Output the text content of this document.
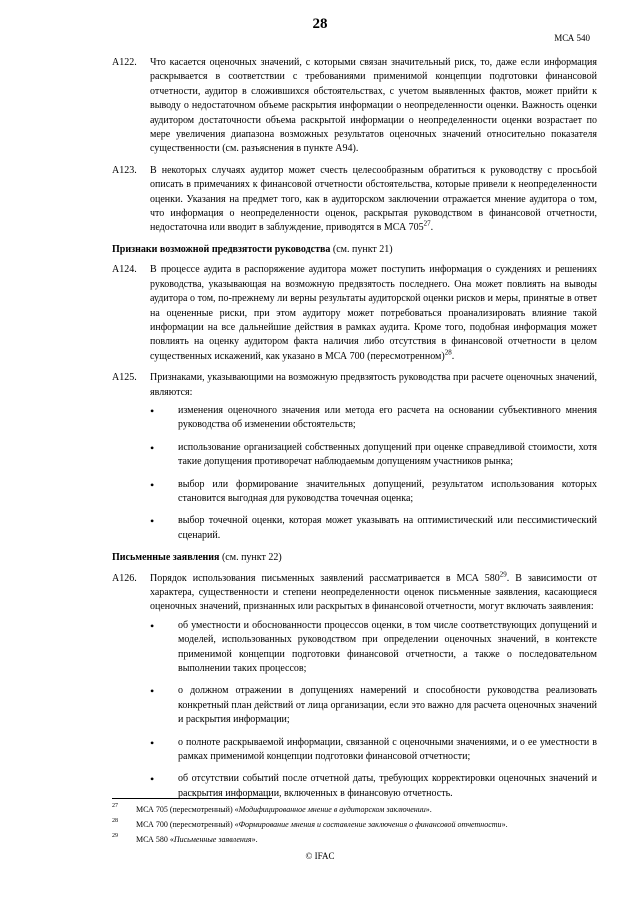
28
МСА 540
A122. Что касается оценочных значений, с которыми связан значительный риск, то, даже если информация раскрывается в соответствии с требованиями применимой концепции подготовки финансовой отчетности, аудитор в сложившихся обстоятельствах, с учетом выявленных фактов, может прийти к выводу о недостаточном объеме раскрытия информации о неопределенности оценки. Важность оценки аудитором достаточности объема раскрытой информации о неопределенности оценки возрастает по мере увеличения диапазона возможных результатов оценочных значений относительно показателя существенности (см. разъяснения в пункте A94).
A123. В некоторых случаях аудитор может счесть целесообразным обратиться к руководству с просьбой описать в примечаниях к финансовой отчетности обстоятельства, которые привели к неопределенности оценки. Указания на предмет того, как в аудиторском заключении отражается мнение аудитора о том, что информация о неопределенности оценок, раскрытая руководством в финансовой отчетности, недостаточна или вводит в заблуждение, приводятся в МСА $705^{27}$.
Признаки возможной предвзятости руководства (см. пункт 21)
A124. В процессе аудита в распоряжение аудитора может поступить информация о суждениях и решениях руководства, указывающая на возможную предвзятость последнего. Она может повлиять на выводы аудитора о том, по-прежнему ли верны результаты аудиторской оценки рисков и меры, принятые в ответ на оцененные риски, при этом аудитору может потребоваться проанализировать влияние такой информации на все дальнейшие действия в рамках аудита. Кроме того, подобная информация может повлиять на оценку аудитором факта наличия либо отсутствия в финансовой отчетности в целом существенных искажений, как указано в МСА 700 (пересмотренном)$^{28}$.
A125. Признаками, указывающими на возможную предвзятость руководства при расчете оценочных значений, являются:
• изменения оценочного значения или метода его расчета на основании субъективного мнения руководства об изменении обстоятельств;
• использование организацией собственных допущений при оценке справедливой стоимости, хотя такие допущения противоречат наблюдаемым допущениям участников рынка;
• выбор или формирование значительных допущений, результатом использования которых становится выгодная для руководства точечная оценка;
• выбор точечной оценки, которая может указывать на оптимистический или пессимистический сценарий.
Письменные заявления (см. пункт 22)
A126. Порядок использования письменных заявлений рассматривается в МСА $580^{29}$. В зависимости от характера, существенности и степени неопределенности оценок письменные заявления, касающиеся оценочных значений, признанных или раскрытых в финансовой отчетности, могут включать заявления:
• об уместности и обоснованности процессов оценки, в том числе соответствующих допущений и моделей, использованных руководством при определении оценочных значений, в контексте применимой концепции подготовки финансовой отчетности, а также о последовательном выполнении таких процессов;
• о должном отражении в допущениях намерений и способности руководства реализовать конкретный план действий от лица организации, если это важно для расчета оценочных значений и раскрытия информации;
• о полноте раскрываемой информации, связанной с оценочными значениями, и о ее уместности в рамках применимой концепции подготовки финансовой отчетности;
• об отсутствии событий после отчетной даты, требующих корректировки оценочных значений и раскрытия информации, включенных в финансовую отчетность.
27 МСА 705 (пересмотренный) «Модифицированное мнение в аудиторском заключении».
28 МСА 700 (пересмотренный) «Формирование мнения и составление заключения о финансовой отчетности».
29 МСА 580 «Письменные заявления».
© IFAC
